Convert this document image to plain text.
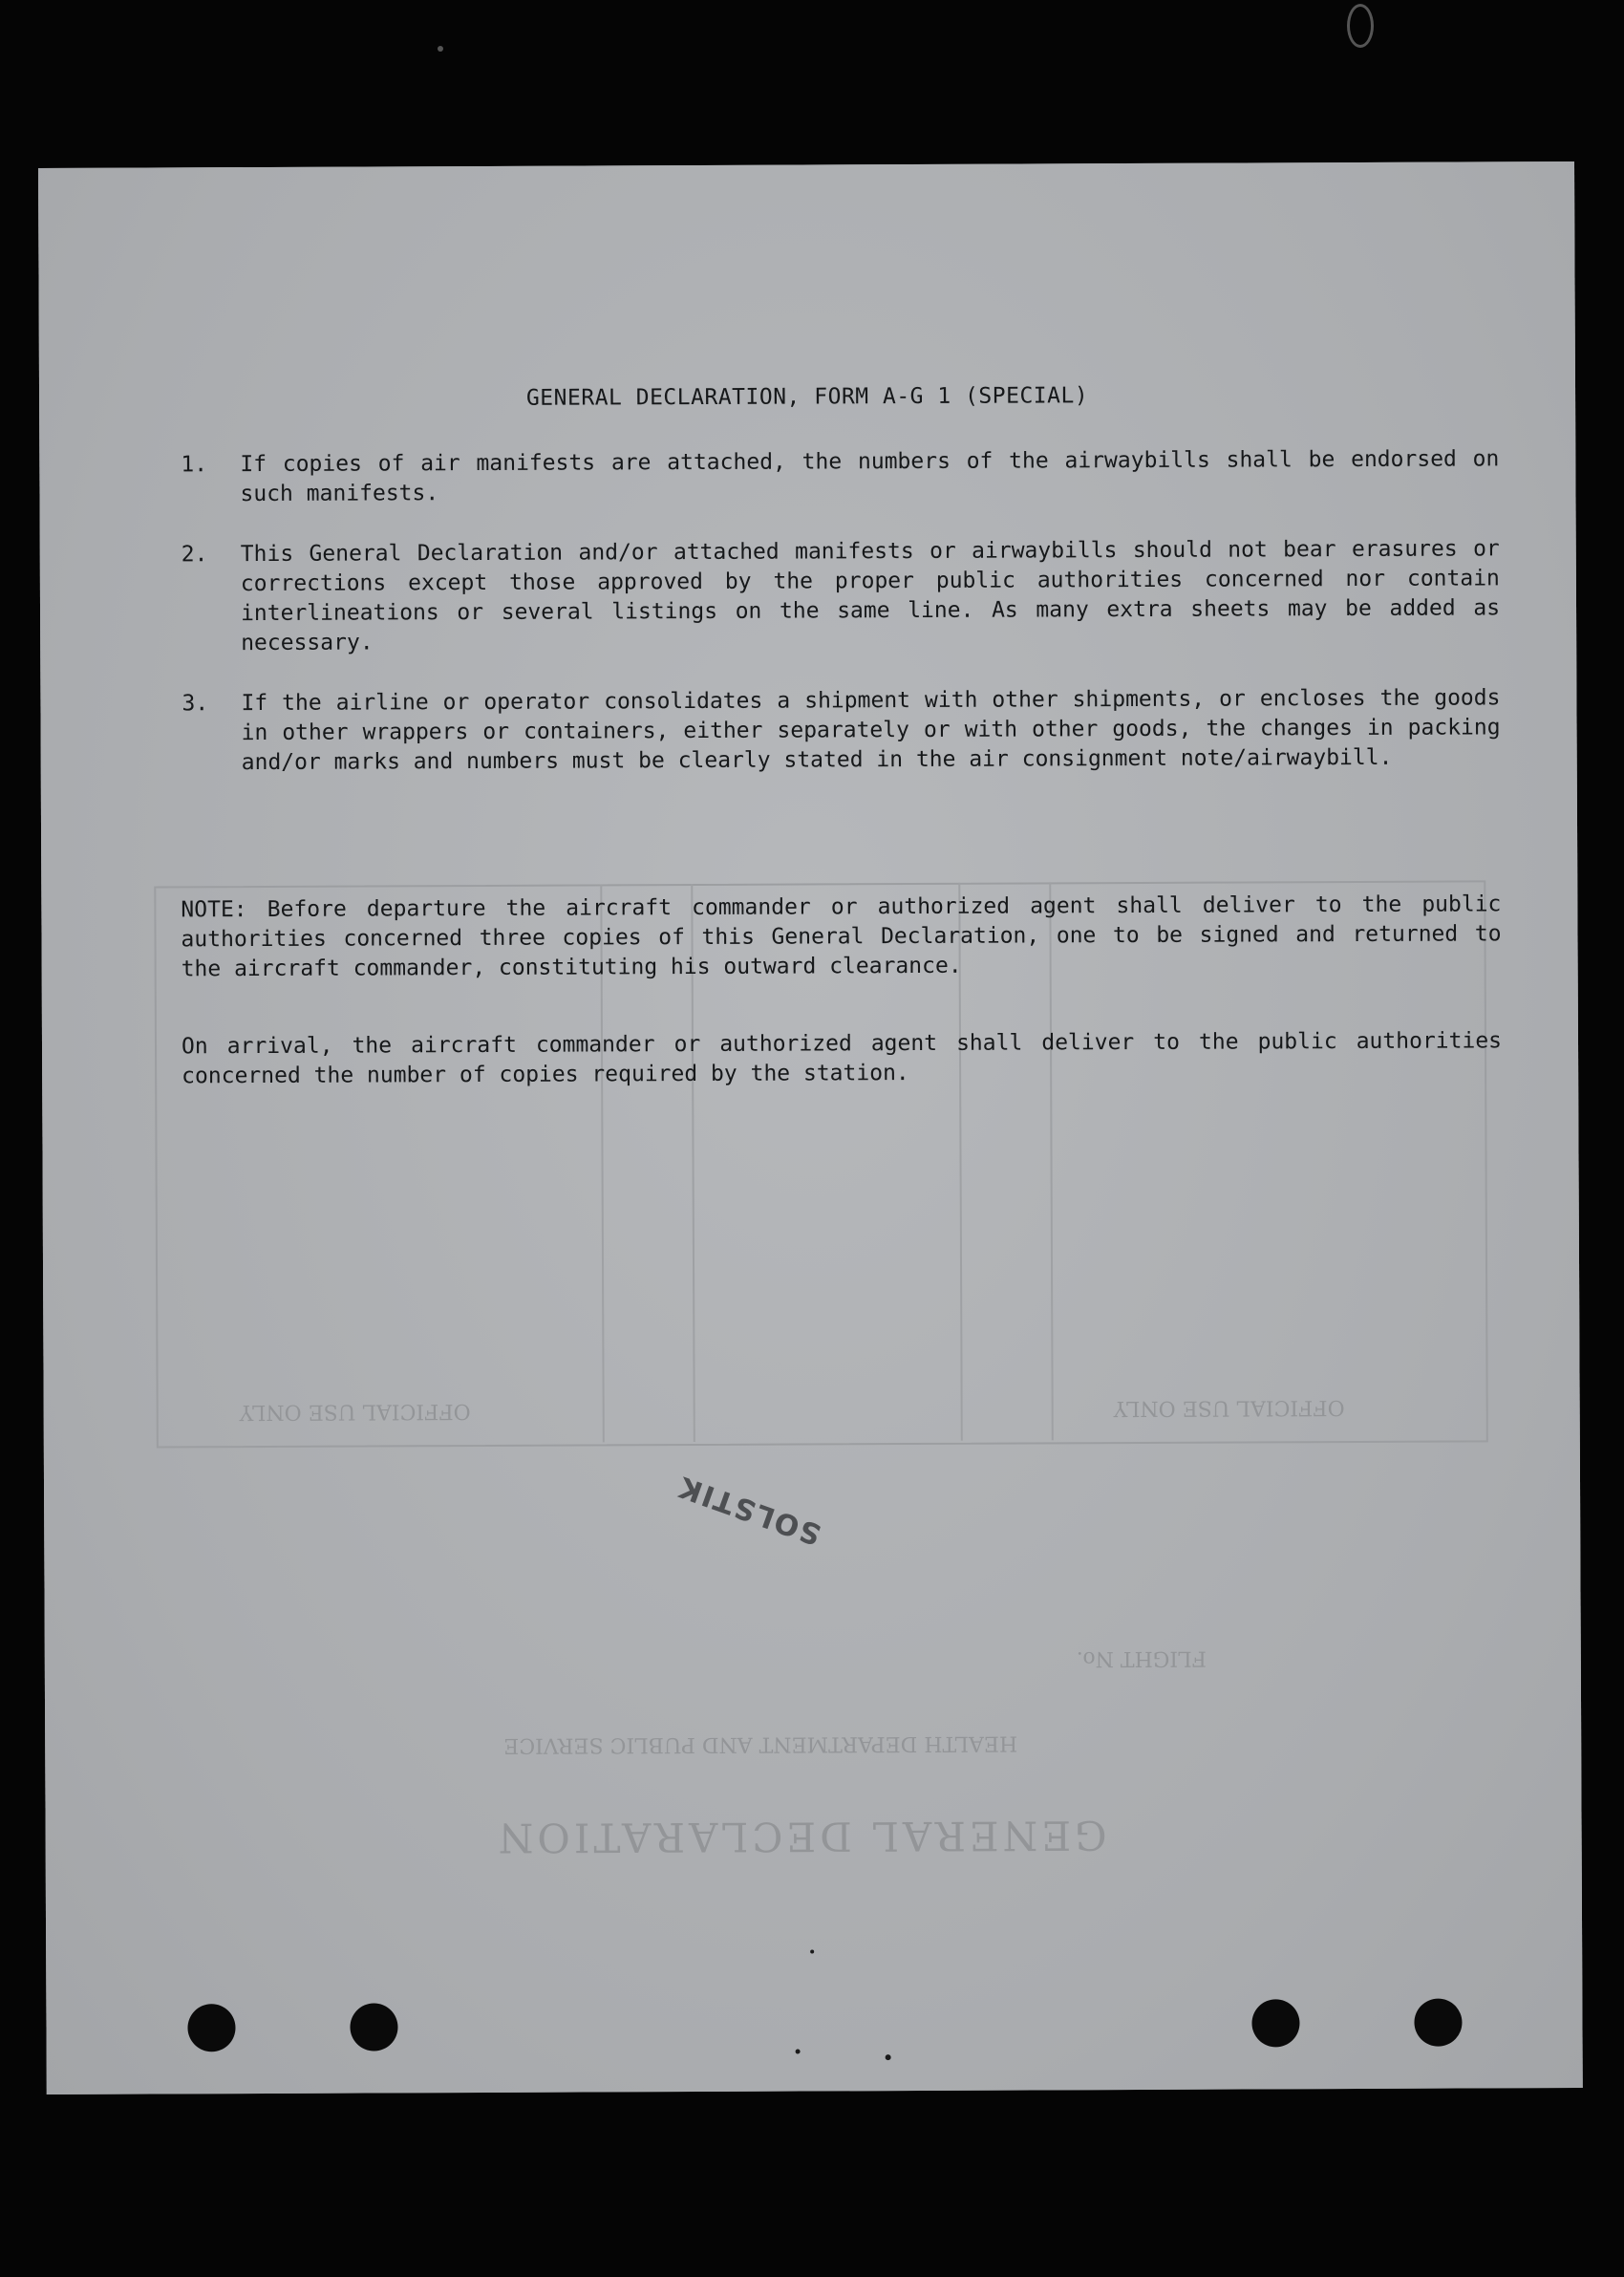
OFFICIAL USE ONLY	OFFICIAL USE ONLY
FLIGHT No.
HEALTH DEPARTMENT AND PUBLIC SERVICE
GENERAL DECLARATION
SOLSTIK
GENERAL DECLARATION, FORM A-G 1 (SPECIAL)
1. If copies of air manifests are attached, the numbers of the airwaybills shall be endorsed on such manifests.
2. This General Declaration and/or attached manifests or airwaybills should not bear erasures or corrections except those approved by the proper public authorities concerned nor contain interlineations or several listings on the same line. As many extra sheets may be added as necessary.
3. If the airline or operator consolidates a shipment with other shipments, or encloses the goods in other wrappers or containers, either separately or with other goods, the changes in packing and/or marks and numbers must be clearly stated in the air consignment note/airwaybill.
NOTE: Before departure the aircraft commander or authorized agent shall deliver to the public authorities concerned three copies of this General Declaration, one to be signed and returned to the aircraft commander, constituting his outward clearance.
On arrival, the aircraft commander or authorized agent shall deliver to the public authorities concerned the number of copies required by the station.
